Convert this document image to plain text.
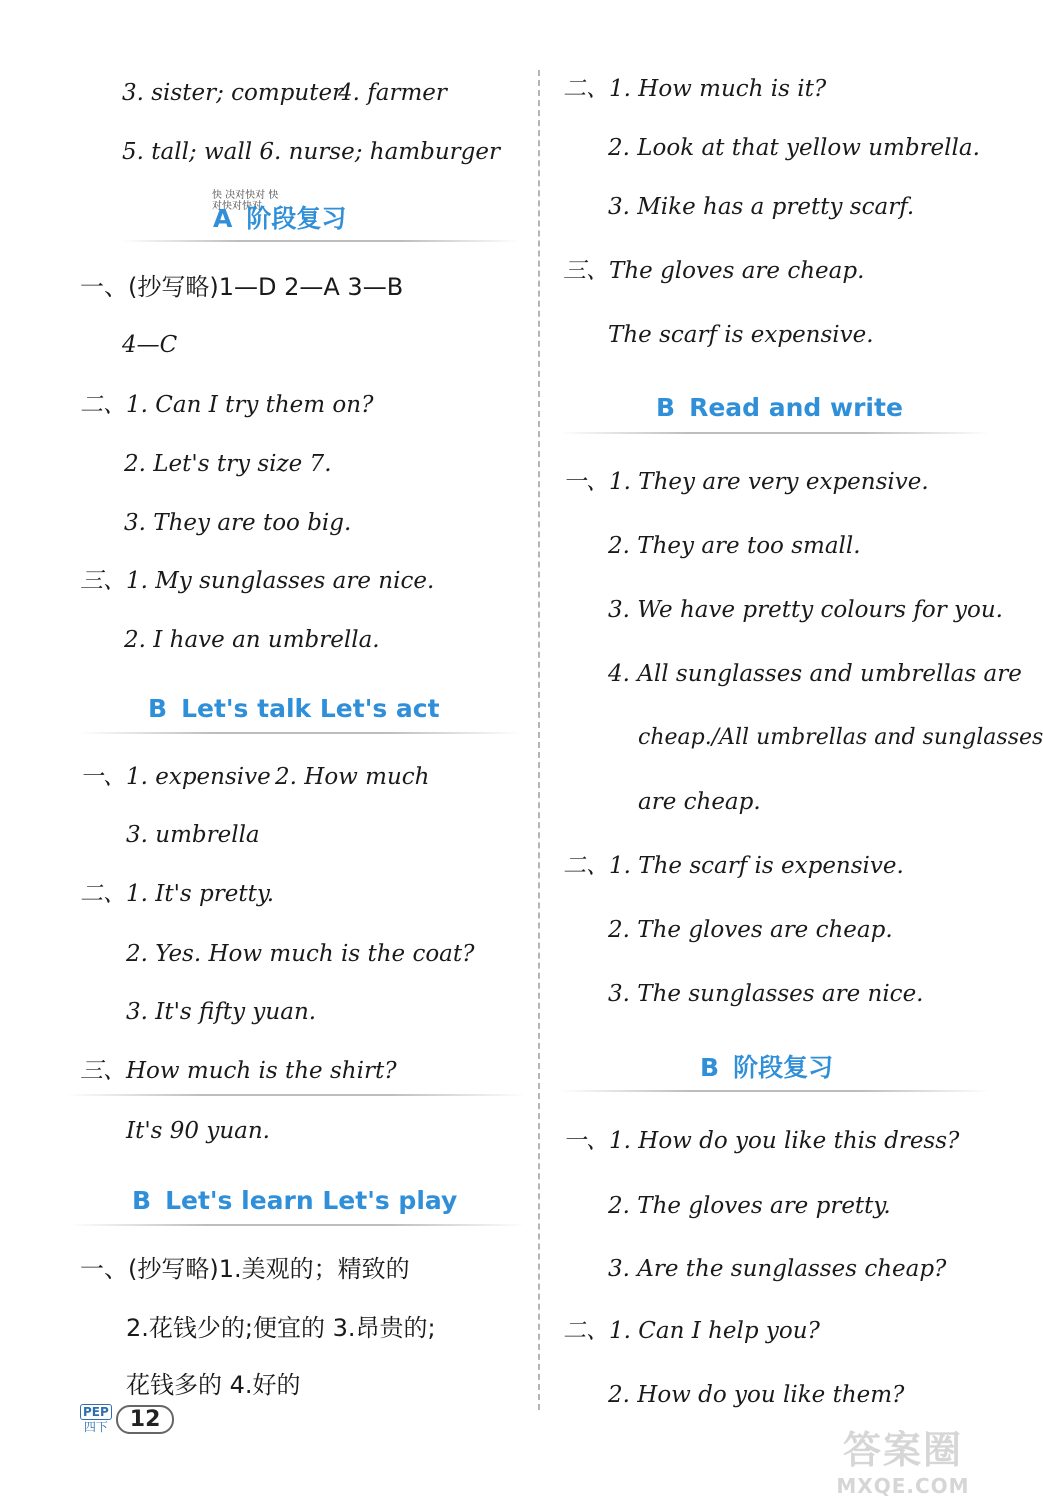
3. sister; computer
4. farmer
5. tall; wall 6. nurse; hamburger
快 决对快对 快对快对快对
A 阶段复习
一、(抄写略)1—D 2—A 3—B
4—C
二、1. Can I try them on?
2. Let's try size 7.
3. They are too big.
三、1. My sunglasses are nice.
2. I have an umbrella.
B Let's talk Let's act
一、1. expensive 2. How much
3. umbrella
二、1. It's pretty.
2. Yes. How much is the coat?
3. It's fifty yuan.
三、How much is the shirt?
It's 90 yuan.
B Let's learn Let's play
一、(抄写略)1.美观的；精致的
2.花钱少的;便宜的 3.昂贵的;
花钱多的 4.好的
二、1. How much is it?
2. Look at that yellow umbrella.
3. Mike has a pretty scarf.
三、The gloves are cheap.
The scarf is expensive.
B Read and write
一、1. They are very expensive.
2. They are too small.
3. We have pretty colours for you.
4. All sunglasses and umbrellas are
cheap./All umbrellas and sunglasses
are cheap.
二、1. The scarf is expensive.
2. The gloves are cheap.
3. The sunglasses are nice.
B 阶段复习
一、1. How do you like this dress?
2. The gloves are pretty.
3. Are the sunglasses cheap?
二、1. Can I help you?
2. How do you like them?
PEP
四下 12
答案圈
MXQE.COM
